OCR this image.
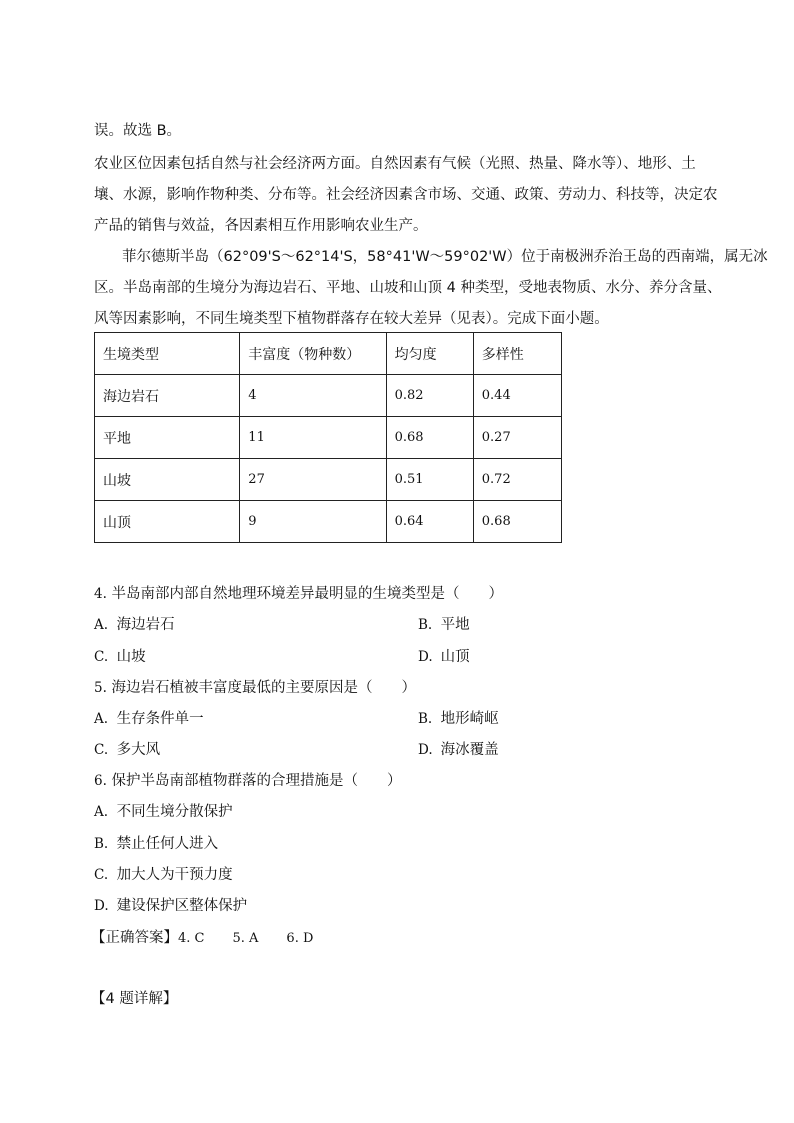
误。故选 B。
农业区位因素包括自然与社会经济两方面。自然因素有气候（光照、热量、降水等）、地形、土
壤、水源，影响作物种类、分布等。社会经济因素含市场、交通、政策、劳动力、科技等，决定农
产品的销售与效益，各因素相互作用影响农业生产。
菲尔德斯半岛（62°09'S～62°14'S，58°41'W～59°02'W）位于南极洲乔治王岛的西南端，属无冰
区。半岛南部的生境分为海边岩石、平地、山坡和山顶 4 种类型，受地表物质、水分、养分含量、
风等因素影响，不同生境类型下植物群落存在较大差异（见表）。完成下面小题。
生境类型	丰富度（物种数）	均匀度	多样性
海边岩石	4	0.82	0.44
平地	11	0.68	0.27
山坡	27	0.51	0.72
山顶	9	0.64	0.68
4. 半岛南部内部自然地理环境差异最明显的生境类型是（　　）
A. 海边岩石	B. 平地
C. 山坡	D. 山顶
5. 海边岩石植被丰富度最低的主要原因是（　　）
A. 生存条件单一	B. 地形崎岖
C. 多大风	D. 海冰覆盖
6. 保护半岛南部植物群落的合理措施是（　　）
A. 不同生境分散保护
B. 禁止任何人进入
C. 加大人为干预力度
D. 建设保护区整体保护
【正确答案】4. C 5. A 6. D
【4 题详解】
